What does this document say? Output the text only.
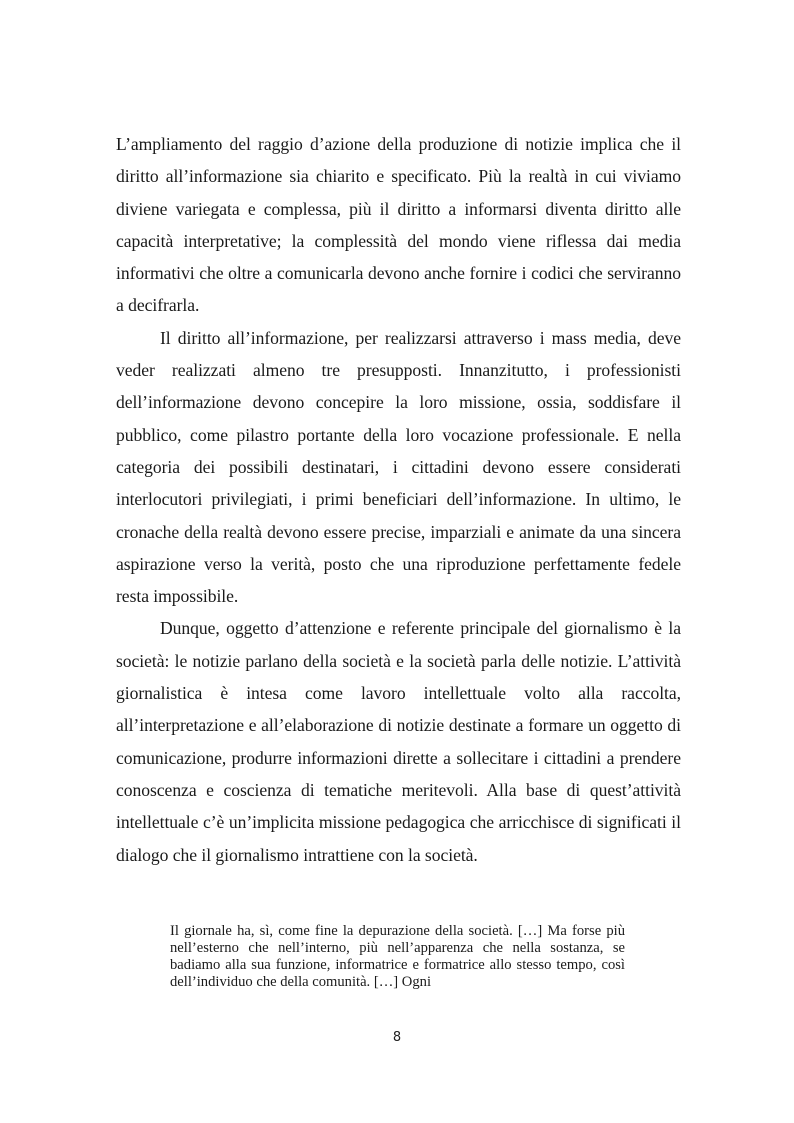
L’ampliamento del raggio d’azione della produzione di notizie implica che il diritto all’informazione sia chiarito e specificato. Più la realtà in cui viviamo diviene variegata e complessa, più il diritto a informarsi diventa diritto alle capacità interpretative; la complessità del mondo viene riflessa dai media informativi che oltre a comunicarla devono anche fornire i codici che serviranno a decifrarla.

Il diritto all’informazione, per realizzarsi attraverso i mass media, deve veder realizzati almeno tre presupposti. Innanzitutto, i professionisti dell’informazione devono concepire la loro missione, ossia, soddisfare il pubblico, come pilastro portante della loro vocazione professionale. E nella categoria dei possibili destinatari, i cittadini devono essere considerati interlocutori privilegiati, i primi beneficiari dell’informazione. In ultimo, le cronache della realtà devono essere precise, imparziali e animate da una sincera aspirazione verso la verità, posto che una riproduzione perfettamente fedele resta impossibile.

Dunque, oggetto d’attenzione e referente principale del giornalismo è la società: le notizie parlano della società e la società parla delle notizie. L’attività giornalistica è intesa come lavoro intellettuale volto alla raccolta, all’interpretazione e all’elaborazione di notizie destinate a formare un oggetto di comunicazione, produrre informazioni dirette a sollecitare i cittadini a prendere conoscenza e coscienza di tematiche meritevoli. Alla base di quest’attività intellettuale c’è un’implicita missione pedagogica che arricchisce di significati il dialogo che il giornalismo intrattiene con la società.

Il giornale ha, sì, come fine la depurazione della società. […] Ma forse più nell’esterno che nell’interno, più nell’apparenza che nella sostanza, se badiamo alla sua funzione, informatrice e formatrice allo stesso tempo, così dell’individuo che della comunità. […] Ogni
8
